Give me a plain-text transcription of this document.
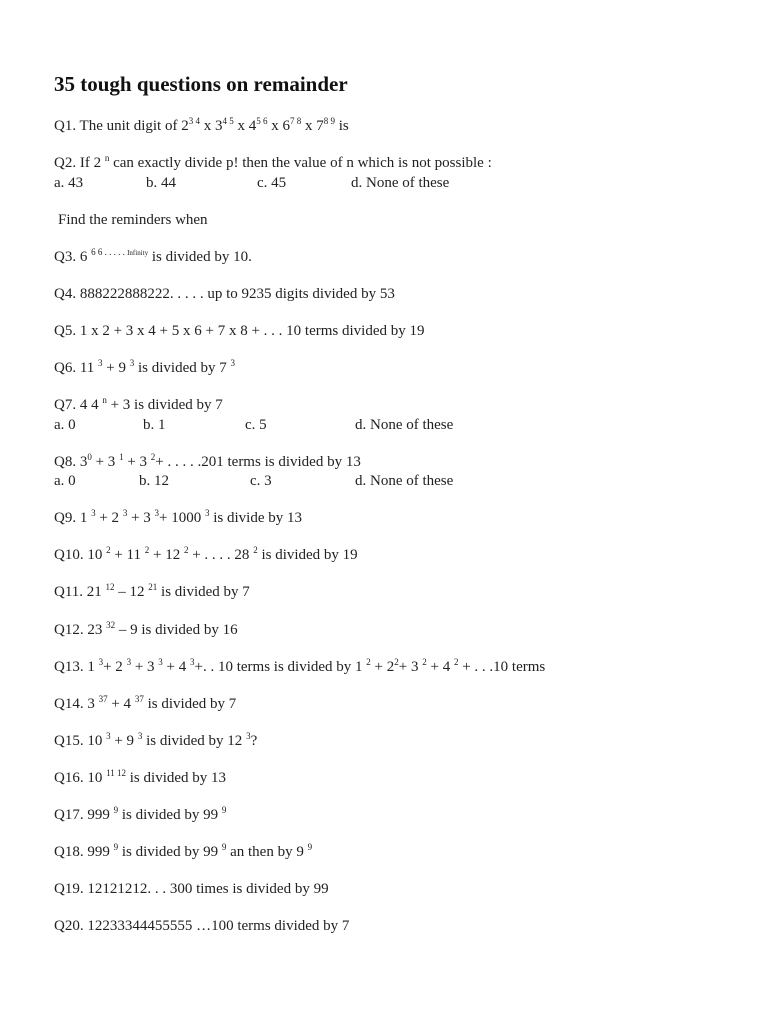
35 tough questions on remainder
Q1. The unit digit of $2^{3 4}$ x $3^{4 5}$ x $4^{5 6}$ x $6^{7 8}$ x $7^{8 9}$ is
Q2. If 2 $^n$ can exactly divide p! then the value of n which is not possible :
a. 43	b. 44	c. 45	d. None of these
Find the reminders when
Q3. 6 $^{6 6 . . . . .}$ $^{Infinity}$ is divided by 10.
Q4. 888222888222. . . . . up to 9235 digits divided by 53
Q5. 1 x 2 + 3 x 4 + 5 x 6 + 7 x 8 + . . . 10 terms divided by 19
Q6. 11 $^3$ + 9 $^3$ is divided by 7 $^3$
Q7. 4 4 $^n$ + 3 is divided by 7
a. 0	b. 1	c. 5	d. None of these
Q8. $3^0 + 3$ $^1$ + 3 $^2$+ . . . . .201 terms is divided by 13
a. 0	b. 12	c. 3	d. None of these
Q9. 1 $^3$ + 2 $^3$ + 3 $^3$+ 1000 $^3$ is divide by 13
Q10. 10 $^2$ + 11 $^2$ + 12 $^2$ + . . . . 28 $^2$ is divided by 19
Q11. 21 $^{12}$ – 12 $^{21}$ is divided by 7
Q12. 23 $^{32}$ – 9 is divided by 16
Q13. 1 $^3$+ 2 $^3$ + 3 $^3$ + 4 $^3$+. . 10 terms is divided by 1 $^2 + 2^2+ 3$ $^2$ + 4 $^2$ + . . .10 terms
Q14. 3 $^{37}$ + 4 $^{37}$ is divided by 7
Q15. 10 $^3$ + 9 $^3$ is divided by 12 $^3$?
Q16. 10 $^{11 12}$ is divided by 13
Q17. 999 $^9$ is divided by 99 $^9$
Q18. 999 $^9$ is divided by 99 $^9$ an then by 9 $^9$
Q19. 12121212. . . 300 times is divided by 99
Q20. 12233344455555 …100 terms divided by 7
